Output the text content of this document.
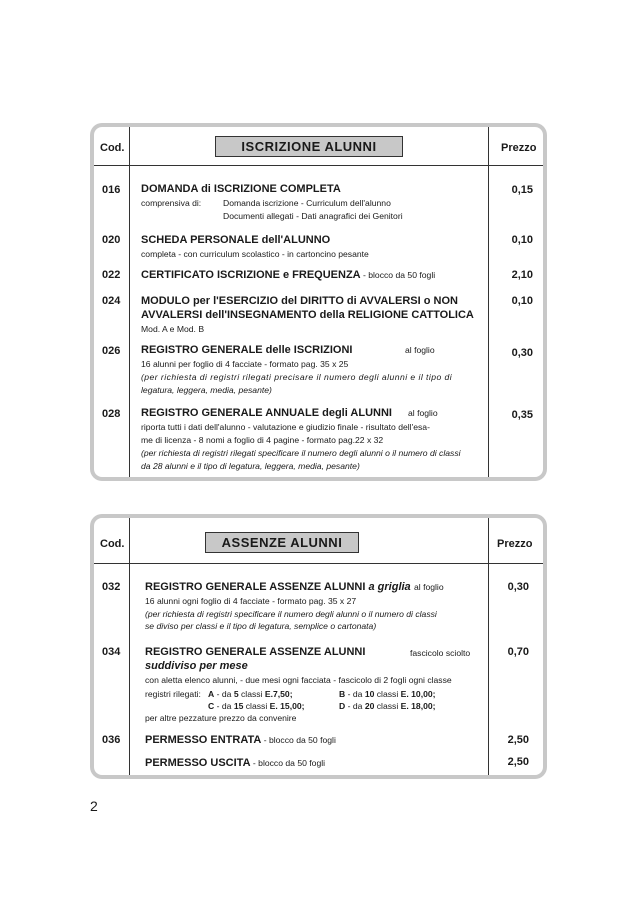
Cod.	Prezzo
ISCRIZIONE ALUNNI
016	0,15
DOMANDA di ISCRIZIONE COMPLETA
comprensiva di:	Domanda iscrizione - Curriculum dell'alunno
Documenti allegati - Dati anagrafici dei Genitori
020	0,10
SCHEDA PERSONALE dell'ALUNNO
completa - con curriculum scolastico - in cartoncino pesante
022	2,10
CERTIFICATO ISCRIZIONE e FREQUENZA - blocco da 50 fogli
024	0,10
MODULO per l'ESERCIZIO del DIRITTO di AVVALERSI o NON
AVVALERSI dell'INSEGNAMENTO della RELIGIONE CATTOLICA
Mod. A e Mod. B
026	0,30
REGISTRO GENERALE delle ISCRIZIONI	al foglio
16 alunni per foglio di 4 facciate - formato pag. 35 x 25
(per richiesta di registri rilegati precisare il numero degli alunni e il tipo di
legatura, leggera, media, pesante)
028	0,35
REGISTRO GENERALE ANNUALE degli ALUNNI al foglio
riporta tutti i dati dell'alunno - valutazione e giudizio finale - risultato dell'esa-
me di licenza - 8 nomi a foglio di 4 pagine - formato pag.22 x 32
(per richiesta di registri rilegati specificare il numero degli alunni o il numero di classi
da 28 alunni e il tipo di legatura, leggera, media, pesante)
Cod.	Prezzo
ASSENZE ALUNNI
032	0,30
REGISTRO GENERALE ASSENZE ALUNNI a griglia al foglio
16 alunni ogni foglio di 4 facciate - formato pag. 35 x 27
(per richiesta di registri specificare il numero degli alunni o il numero di classi
se diviso per classi e il tipo di legatura, semplice o cartonata)
034	0,70
REGISTRO GENERALE ASSENZE ALUNNI	fascicolo sciolto
suddiviso per mese
con aletta elenco alunni, - due mesi ogni facciata - fascicolo di 2 fogli ogni classe
registri rilegati: A - da 5 classi E.7,50;	B - da 10 classi E. 10,00;
C - da 15 classi E. 15,00;	D - da 20 classi E. 18,00;
per altre pezzature prezzo da convenire
036	2,50
PERMESSO ENTRATA - blocco da 50 fogli
2,50
PERMESSO USCITA - blocco da 50 fogli
2
